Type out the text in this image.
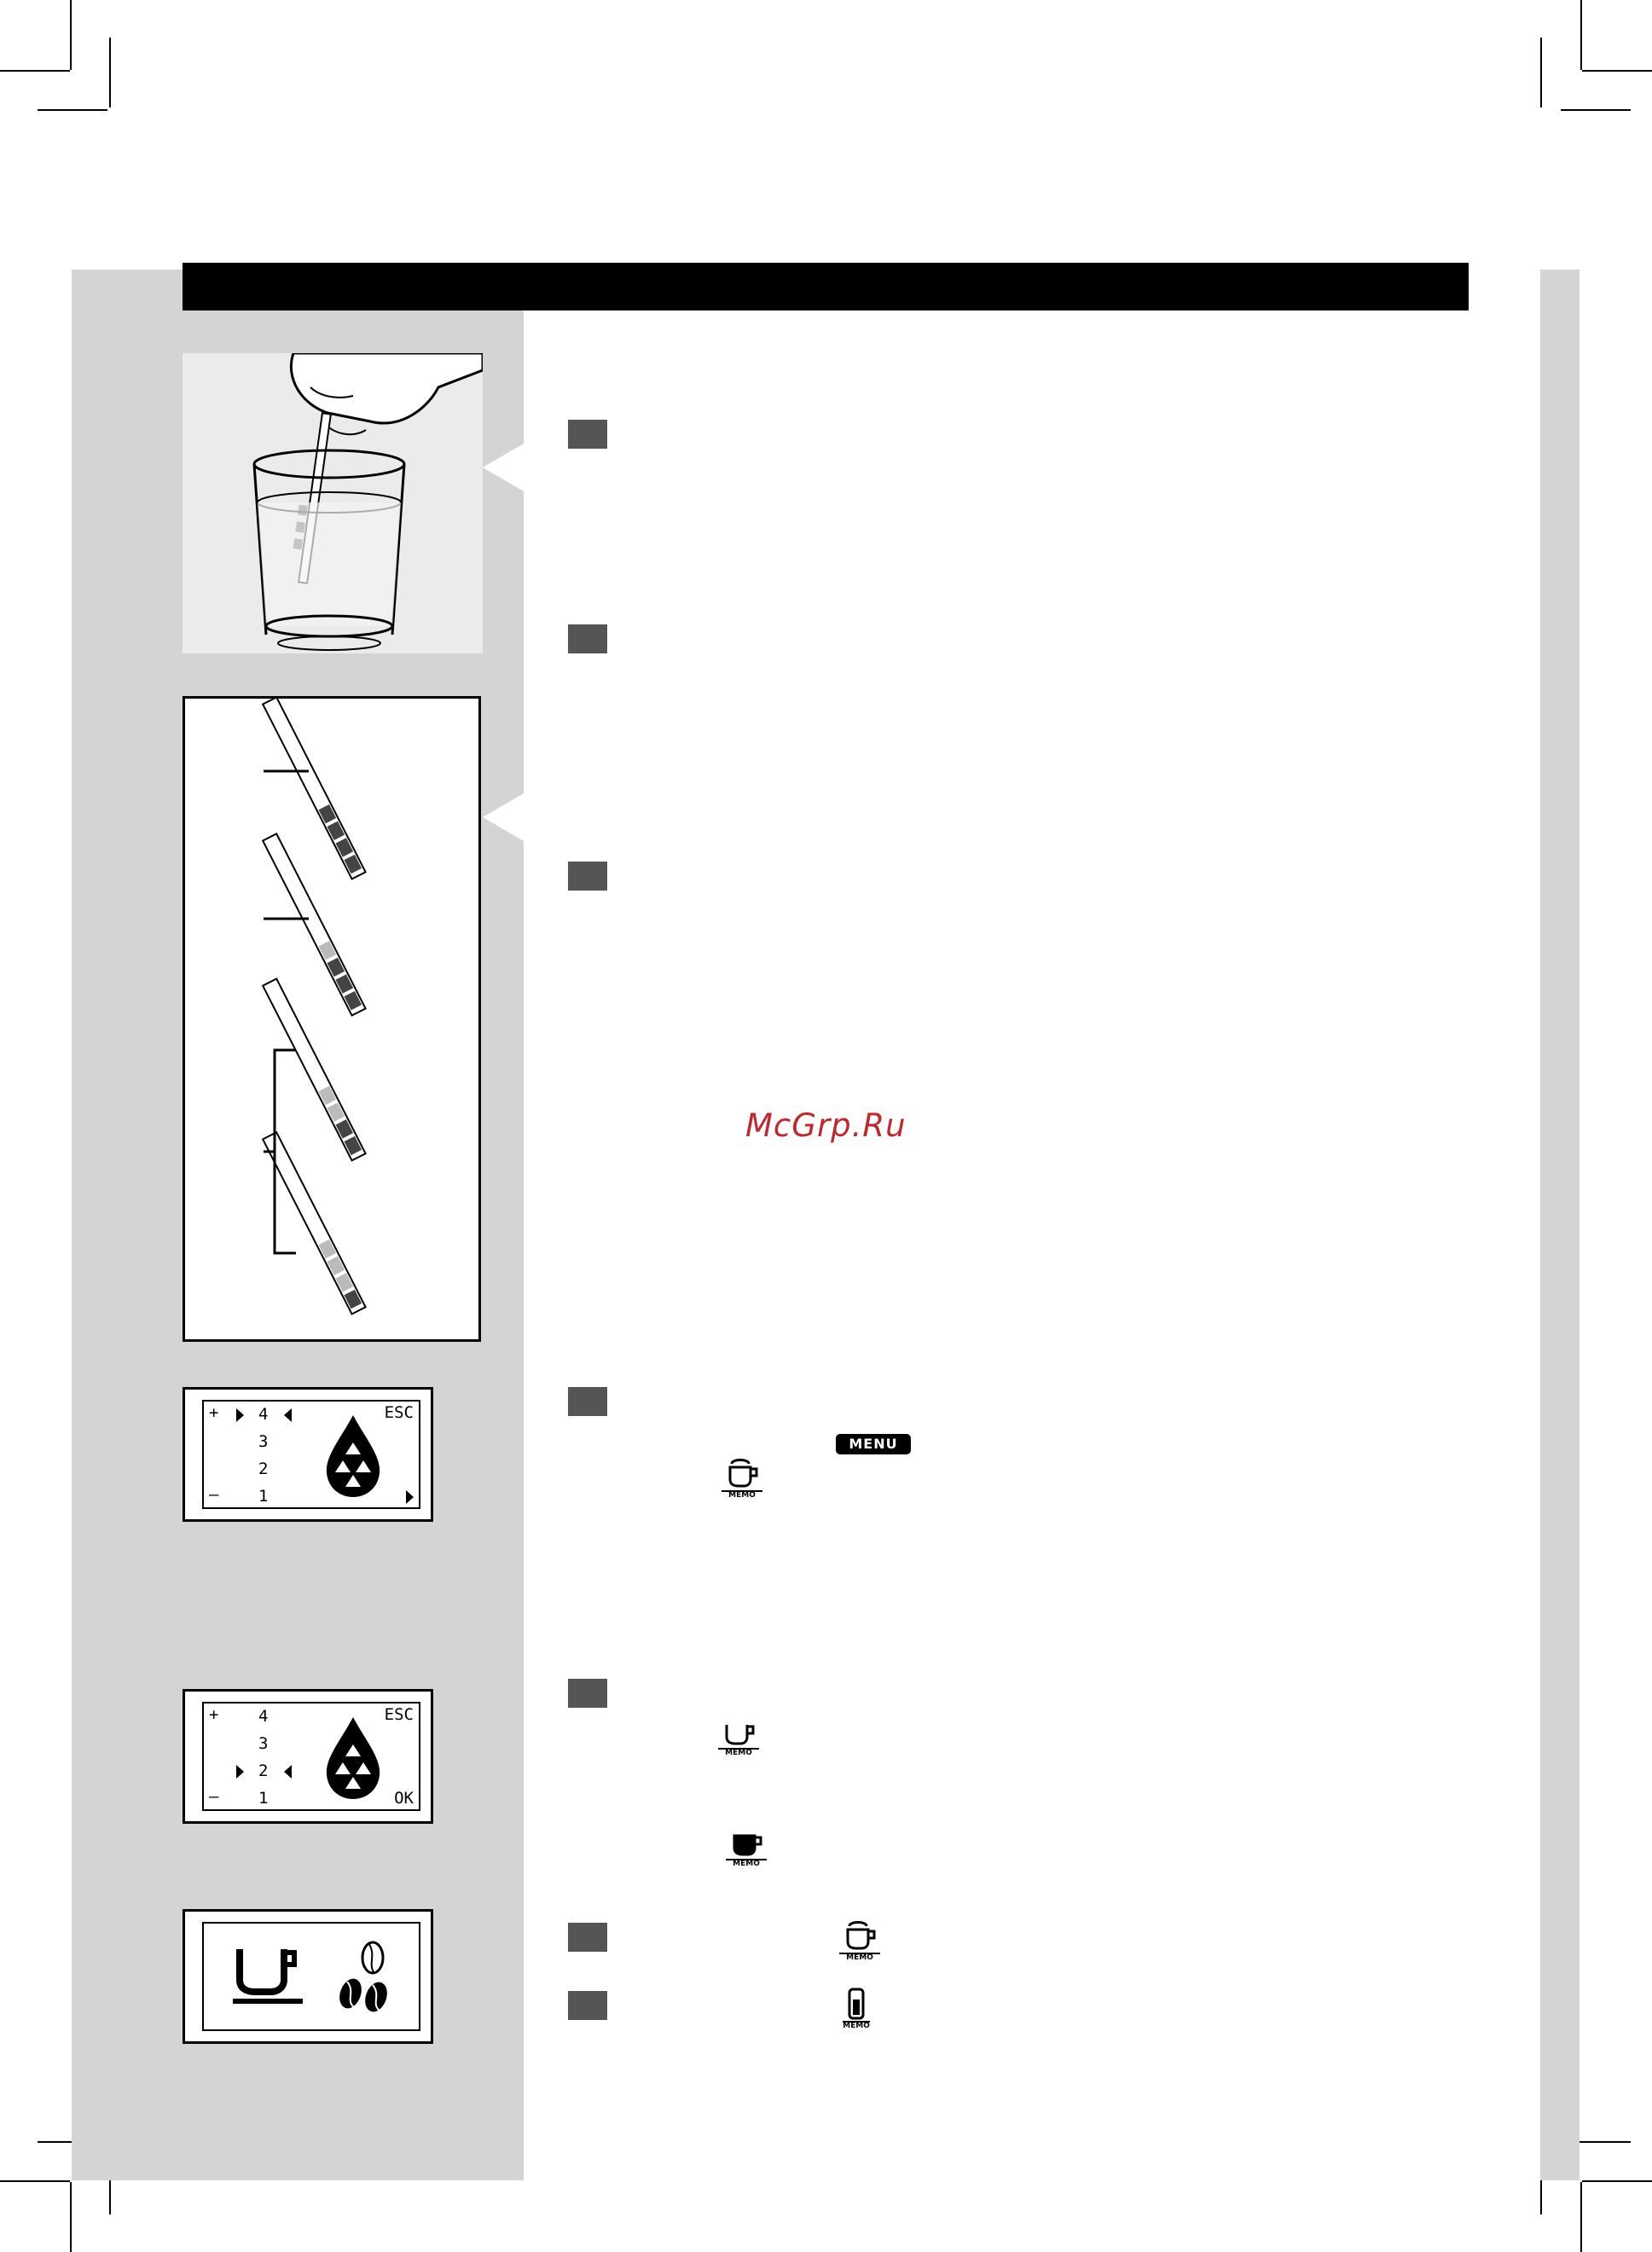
+
–
ESC
4
3
2
1
+
–
ESC
OK
4
3
2
1
McGrp.Ru
MENU
MEMO
MEMO
MEMO
MEMO
MEMO
